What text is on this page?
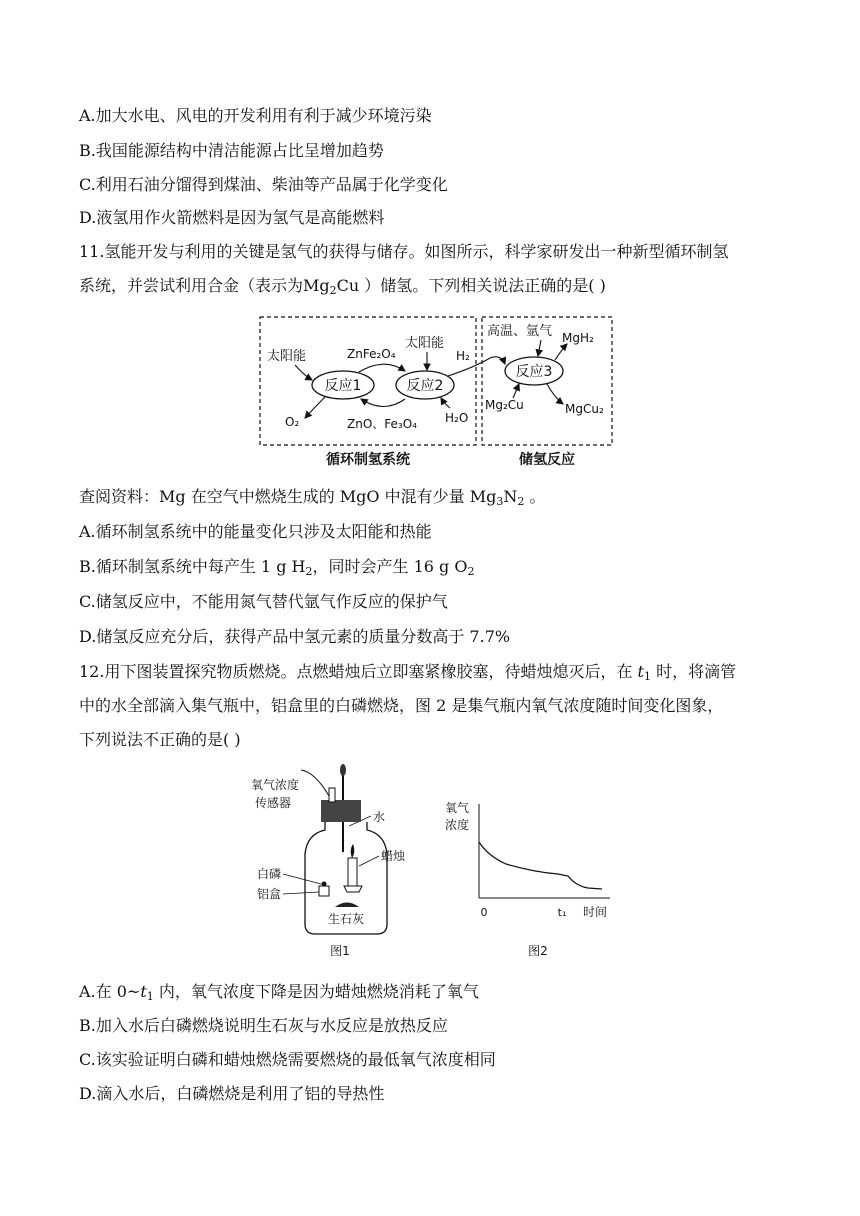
A.加大水电、风电的开发利用有利于减少环境污染
B.我国能源结构中清洁能源占比呈增加趋势
C.利用石油分馏得到煤油、柴油等产品属于化学变化
D.液氢用作火箭燃料是因为氢气是高能燃料
11.氢能开发与利用的关键是氢气的获得与储存。如图所示，科学家研发出一种新型循环制氢
系统，并尝试利用合金（表示为$Mg_2Cu$ ）储氢。下列相关说法正确的是( )
反应1	反应2
反应3
太阳能	ZnFe₂O₄
太阳能
H₂
O₂	H₂O
ZnO、Fe₃O₄
高温、氩气 MgH₂
Mg₂Cu	MgCu₂
循环制氢系统	储氢反应
查阅资料：Mg 在空气中燃烧生成的 MgO 中混有少量 $Mg_3N_2$ 。
A.循环制氢系统中的能量变化只涉及太阳能和热能
B.循环制氢系统中每产生 1 g $H_2$，同时会产生 16 g $O_2$
C.储氢反应中，不能用氮气替代氩气作反应的保护气
D.储氢反应充分后，获得产品中氢元素的质量分数高于 7.7%
12.用下图装置探究物质燃烧。点燃蜡烛后立即塞紧橡胶塞，待蜡烛熄灭后，在 $t_1$ 时，将滴管
中的水全部滴入集气瓶中，铝盒里的白磷燃烧，图 2 是集气瓶内氧气浓度随时间变化图象，
下列说法不正确的是( )
氧气浓度
传感器
水
蜡烛
白磷
铝盒
生石灰
图1
氧气
浓度
0	t₁ 时间
图2
A.在 $0\sim t_1$ 内，氧气浓度下降是因为蜡烛燃烧消耗了氧气
B.加入水后白磷燃烧说明生石灰与水反应是放热反应
C.该实验证明白磷和蜡烛燃烧需要燃烧的最低氧气浓度相同
D.滴入水后，白磷燃烧是利用了铝的导热性
